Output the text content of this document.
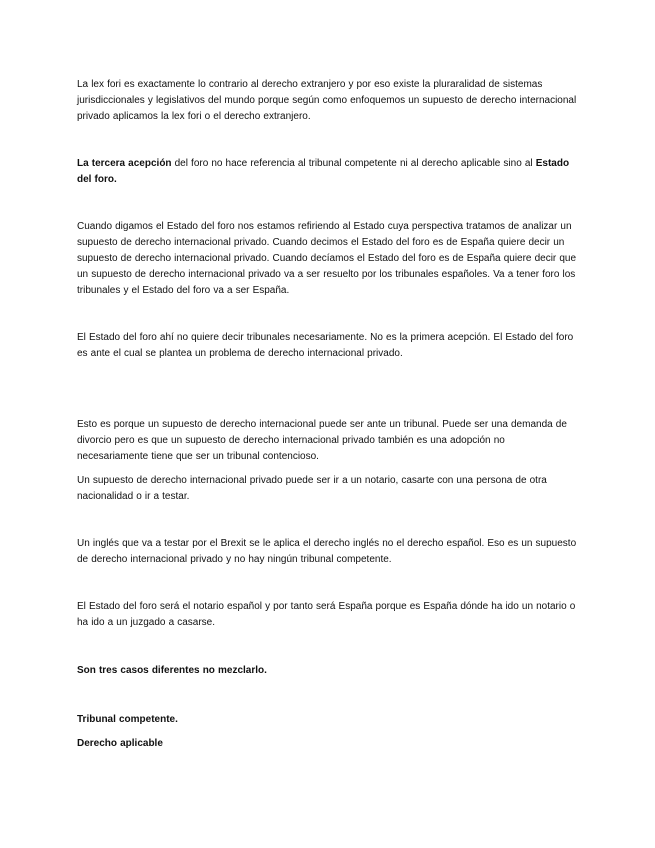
La lex fori es exactamente lo contrario al derecho extranjero y por eso existe la pluraralidad de sistemas jurisdiccionales y legislativos del mundo porque según como enfoquemos un supuesto de derecho internacional privado aplicamos la lex fori o el derecho extranjero.

La tercera acepción del foro no hace referencia al tribunal competente ni al derecho aplicable sino al Estado del foro.

Cuando digamos el Estado del foro nos estamos refiriendo al Estado cuya perspectiva tratamos de analizar un supuesto de derecho internacional privado. Cuando decimos el Estado del foro es de España quiere decir un supuesto de derecho internacional privado. Cuando decíamos el Estado del foro es de España quiere decir que un supuesto de derecho internacional privado va a ser resuelto por los tribunales españoles. Va a tener foro los tribunales y el Estado del foro va a ser España.

El Estado del foro ahí no quiere decir tribunales necesariamente. No es la primera acepción. El Estado del foro es ante el cual se plantea un problema de derecho internacional privado.

Esto es porque un supuesto de derecho internacional puede ser ante un tribunal. Puede ser una demanda de divorcio pero es que un supuesto de derecho internacional privado también es una adopción no necesariamente tiene que ser un tribunal contencioso.

Un supuesto de derecho internacional privado puede ser ir a un notario, casarte con una persona de otra nacionalidad o ir a testar.

Un inglés que va a testar por el Brexit se le aplica el derecho inglés no el derecho español. Eso es un supuesto de derecho internacional privado y no hay ningún tribunal competente.

El Estado del foro será el notario español y por tanto será España porque es España dónde ha ido un notario o ha ido a un juzgado a casarse.

Son tres casos diferentes no mezclarlo.

Tribunal competente.

Derecho aplicable
